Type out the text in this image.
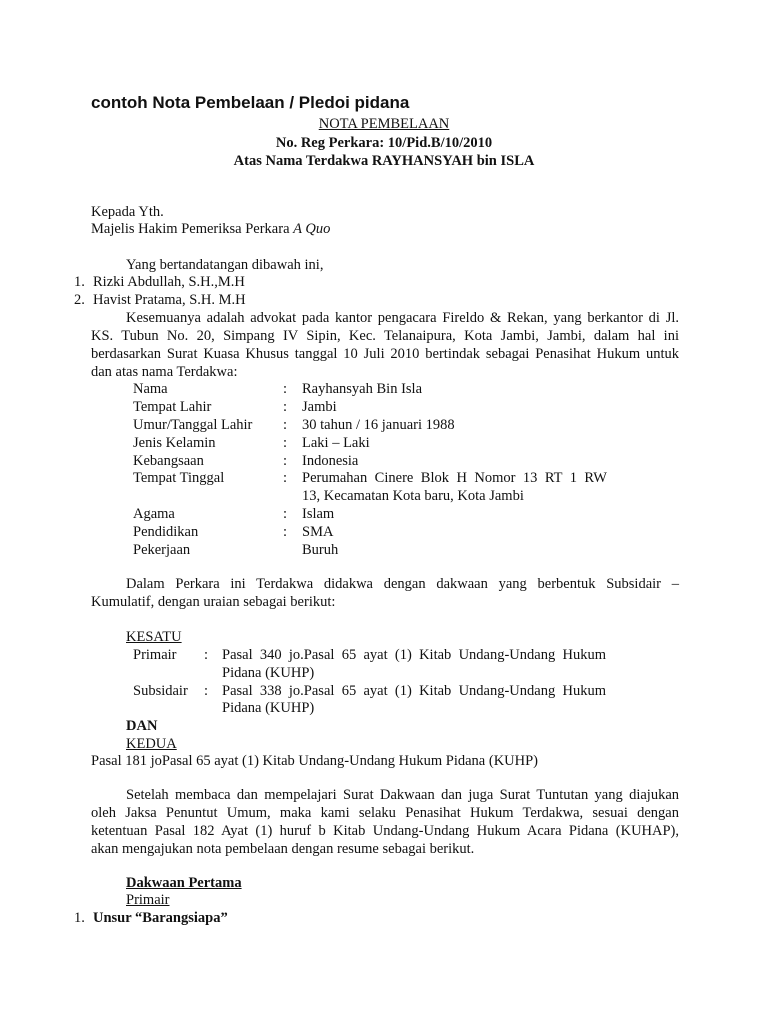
contoh Nota Pembelaan / Pledoi pidana
NOTA PEMBELAAN
No. Reg Perkara: 10/Pid.B/10/2010
Atas Nama Terdakwa RAYHANSYAH bin ISLA
Kepada Yth.
Majelis Hakim Pemeriksa Perkara A Quo
Yang bertandatangan dibawah ini,
1. Rizki Abdullah, S.H.,M.H
2. Havist Pratama, S.H. M.H
Kesemuanya adalah advokat pada kantor pengacara Fireldo & Rekan, yang berkantor di Jl.
KS. Tubun No. 20, Simpang IV Sipin, Kec. Telanaipura, Kota Jambi, Jambi, dalam hal ini
berdasarkan Surat Kuasa Khusus tanggal 10 Juli 2010 bertindak sebagai Penasihat Hukum untuk
dan atas nama Terdakwa:
Nama	: Rayhansyah Bin Isla
Tempat Lahir	: Jambi
Umur/Tanggal Lahir : 30 tahun / 16 januari 1988
Jenis Kelamin	: Laki – Laki
Kebangsaan	: Indonesia
Tempat Tinggal	: Perumahan Cinere Blok H Nomor 13 RT 1 RW
13, Kecamatan Kota baru, Kota Jambi
Agama	: Islam
Pendidikan	: SMA
Pekerjaan	Buruh
Dalam Perkara ini Terdakwa didakwa dengan dakwaan yang berbentuk Subsidair –
Kumulatif, dengan uraian sebagai berikut:
KESATU
Primair : Pasal 340 jo.Pasal 65 ayat (1) Kitab Undang-Undang Hukum
Pidana (KUHP)
Subsidair : Pasal 338 jo.Pasal 65 ayat (1) Kitab Undang-Undang Hukum
Pidana (KUHP)
DAN
KEDUA
Pasal 181 joPasal 65 ayat (1) Kitab Undang-Undang Hukum Pidana (KUHP)
Setelah membaca dan mempelajari Surat Dakwaan dan juga Surat Tuntutan yang diajukan
oleh Jaksa Penuntut Umum, maka kami selaku Penasihat Hukum Terdakwa, sesuai dengan
ketentuan Pasal 182 Ayat (1) huruf b Kitab Undang-Undang Hukum Acara Pidana (KUHAP),
akan mengajukan nota pembelaan dengan resume sebagai berikut.
Dakwaan Pertama
Primair
1. Unsur “Barangsiapa”
